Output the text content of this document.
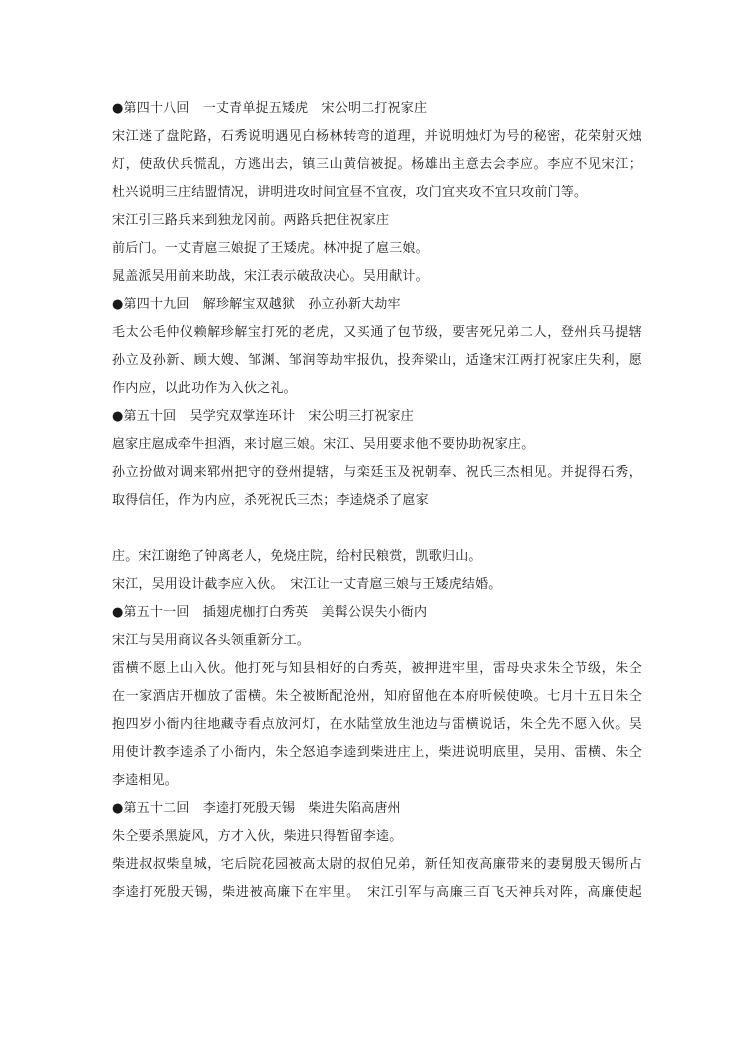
●第四十八回　一丈青单捉五矮虎　宋公明二打祝家庄
宋江迷了盘陀路，石秀说明遇见白杨林转弯的道理，并说明烛灯为号的秘密，花荣射灭烛
灯，使敌伏兵慌乱，方逃出去，镇三山黄信被捉。杨雄出主意去会李应。李应不见宋江；
杜兴说明三庄结盟情况，讲明进攻时间宜昼不宜夜，攻门宜夹攻不宜只攻前门等。
宋江引三路兵来到独龙冈前。两路兵把住祝家庄
前后门。一丈青扈三娘捉了王矮虎。林冲捉了扈三娘。
晁盖派吴用前来助战，宋江表示破敌决心。吴用献计。
●第四十九回　解珍解宝双越狱　孙立孙新大劫牢
毛太公毛仲仪赖解珍解宝打死的老虎，又买通了包节级，要害死兄弟二人，登州兵马提辖
孙立及孙新、顾大嫂、邹渊、邹润等劫牢报仇，投奔梁山，适逢宋江两打祝家庄失利，愿
作内应，以此功作为入伙之礼。
●第五十回　吴学究双掌连环计　宋公明三打祝家庄
扈家庄扈成牵牛担酒，来讨扈三娘。宋江、吴用要求他不要协助祝家庄。
孙立扮做对调来郓州把守的登州提辖，与栾廷玉及祝朝奉、祝氏三杰相见。并捉得石秀，
取得信任，作为内应，杀死祝氏三杰；李逵烧杀了扈家
庄。宋江谢绝了钟离老人，免烧庄院，给村民粮赏，凯歌归山。
宋江，吴用设计截李应入伙。　宋江让一丈青扈三娘与王矮虎结婚。
●第五十一回　插翅虎枷打白秀英　美髯公误失小衙内
宋江与吴用商议各头领重新分工。
雷横不愿上山入伙。他打死与知县相好的白秀英，被押进牢里，雷母央求朱仝节级，朱仝
在一家酒店开枷放了雷横。朱仝被断配沧州，知府留他在本府听候使唤。七月十五日朱仝
抱四岁小衙内往地藏寺看点放河灯，在水陆堂放生池边与雷横说话，朱仝先不愿入伙。吴
用使计教李逵杀了小衙内，朱仝怒追李逵到柴进庄上，柴进说明底里，吴用、雷横、朱仝
李逵相见。
●第五十二回　李逵打死殷天锡　柴进失陷高唐州
朱仝要杀黑旋风，方才入伙，柴进只得暂留李逵。
柴进叔叔柴皇城，宅后院花园被高太尉的叔伯兄弟，新任知夜高廉带来的妻舅殷天锡所占
李逵打死殷天锡，柴进被高廉下在牢里。　宋江引军与高廉三百飞天神兵对阵，高廉使起
